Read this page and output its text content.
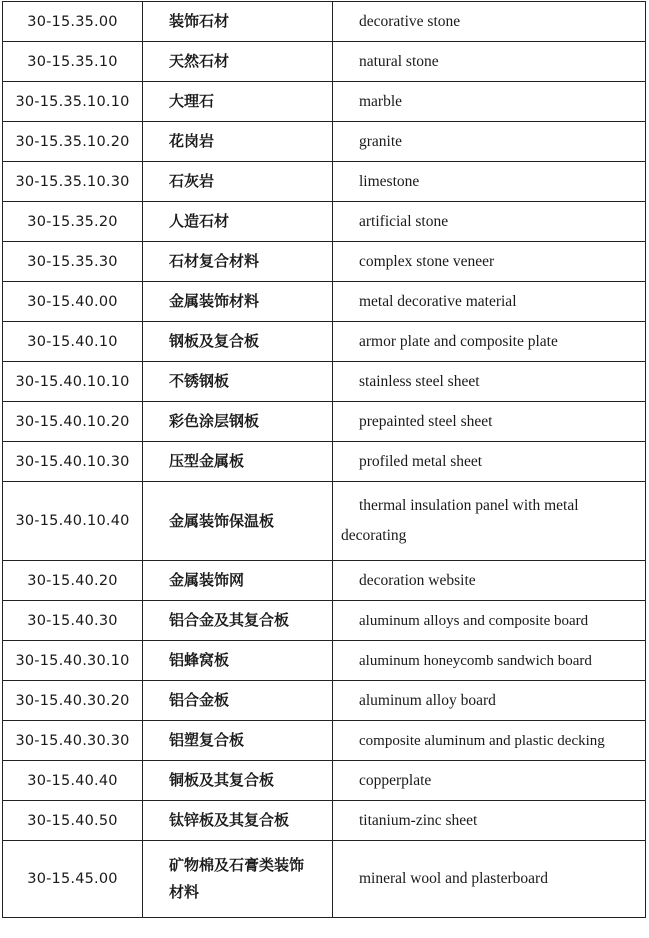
30-15.35.00	装饰石材	decorative stone
30-15.35.10	天然石材	natural stone
30-15.35.10.10	大理石	marble
30-15.35.10.20	花岗岩	granite
30-15.35.10.30	石灰岩	limestone
30-15.35.20	人造石材	artificial stone
30-15.35.30	石材复合材料	complex stone veneer
30-15.40.00	金属装饰材料	metal decorative material
30-15.40.10	钢板及复合板	armor plate and composite plate
30-15.40.10.10	不锈钢板	stainless steel sheet
30-15.40.10.20	彩色涂层钢板	prepainted steel sheet
30-15.40.10.30	压型金属板	profiled metal sheet
30-15.40.10.40	金属装饰保温板	thermal insulation panel with metal decorating
30-15.40.20	金属装饰网	decoration website
30-15.40.30	铝合金及其复合板	aluminum alloys and composite board
30-15.40.30.10	铝蜂窝板	aluminum honeycomb sandwich board
30-15.40.30.20	铝合金板	aluminum alloy board
30-15.40.30.30	铝塑复合板	composite aluminum and plastic decking
30-15.40.40	铜板及其复合板	copperplate
30-15.40.50	钛锌板及其复合板	titanium-zinc sheet
30-15.45.00	矿物棉及石膏类装饰材料	mineral wool and plasterboard
